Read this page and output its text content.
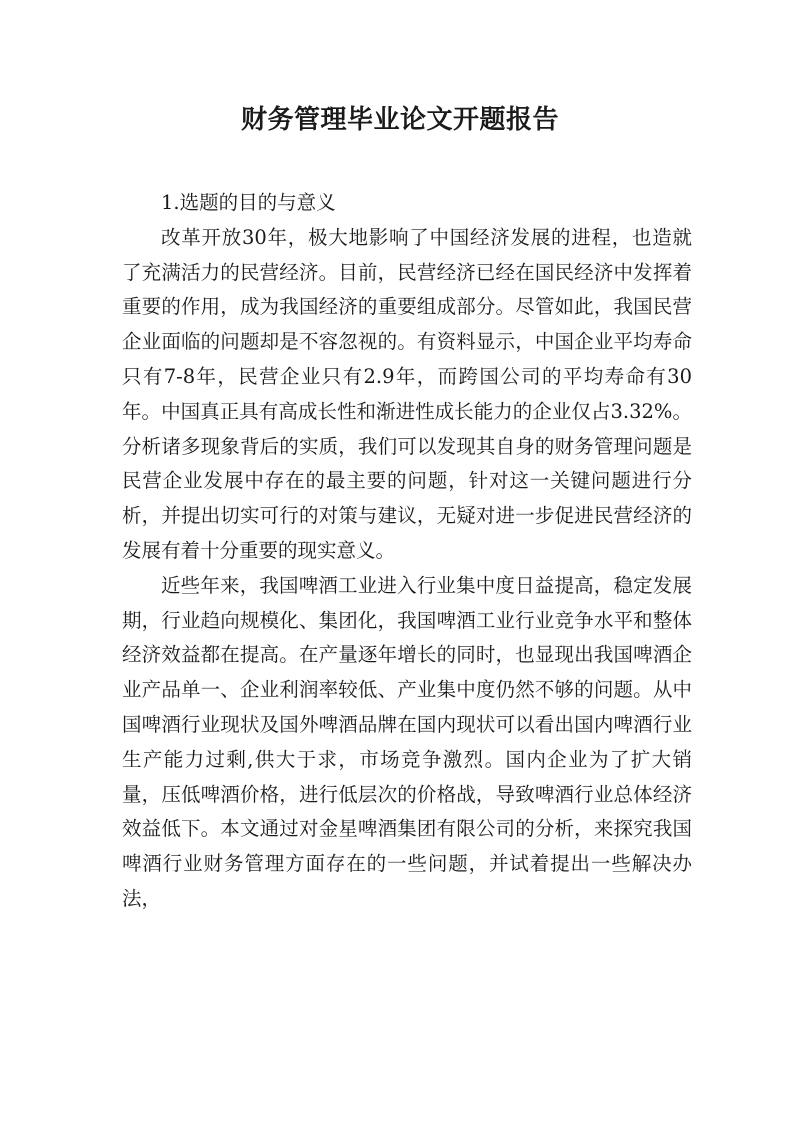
财务管理毕业论文开题报告

1.选题的目的与意义

改革开放30年，极大地影响了中国经济发展的进程，也造就了充满活力的民营经济。目前，民营经济已经在国民经济中发挥着重要的作用，成为我国经济的重要组成部分。尽管如此，我国民营企业面临的问题却是不容忽视的。有资料显示，中国企业平均寿命只有7-8年，民营企业只有2.9年，而跨国公司的平均寿命有30年。中国真正具有高成长性和渐进性成长能力的企业仅占3.32%。分析诸多现象背后的实质，我们可以发现其自身的财务管理问题是民营企业发展中存在的最主要的问题，针对这一关键问题进行分析，并提出切实可行的对策与建议，无疑对进一步促进民营经济的发展有着十分重要的现实意义。

近些年来，我国啤酒工业进入行业集中度日益提高，稳定发展期，行业趋向规模化、集团化，我国啤酒工业行业竞争水平和整体经济效益都在提高。在产量逐年增长的同时，也显现出我国啤酒企业产品单一、企业利润率较低、产业集中度仍然不够的问题。从中国啤酒行业现状及国外啤酒品牌在国内现状可以看出国内啤酒行业生产能力过剩,供大于求，市场竞争激烈。国内企业为了扩大销量，压低啤酒价格，进行低层次的价格战，导致啤酒行业总体经济效益低下。本文通过对金星啤酒集团有限公司的分析，来探究我国啤酒行业财务管理方面存在的一些问题，并试着提出一些解决办法，
